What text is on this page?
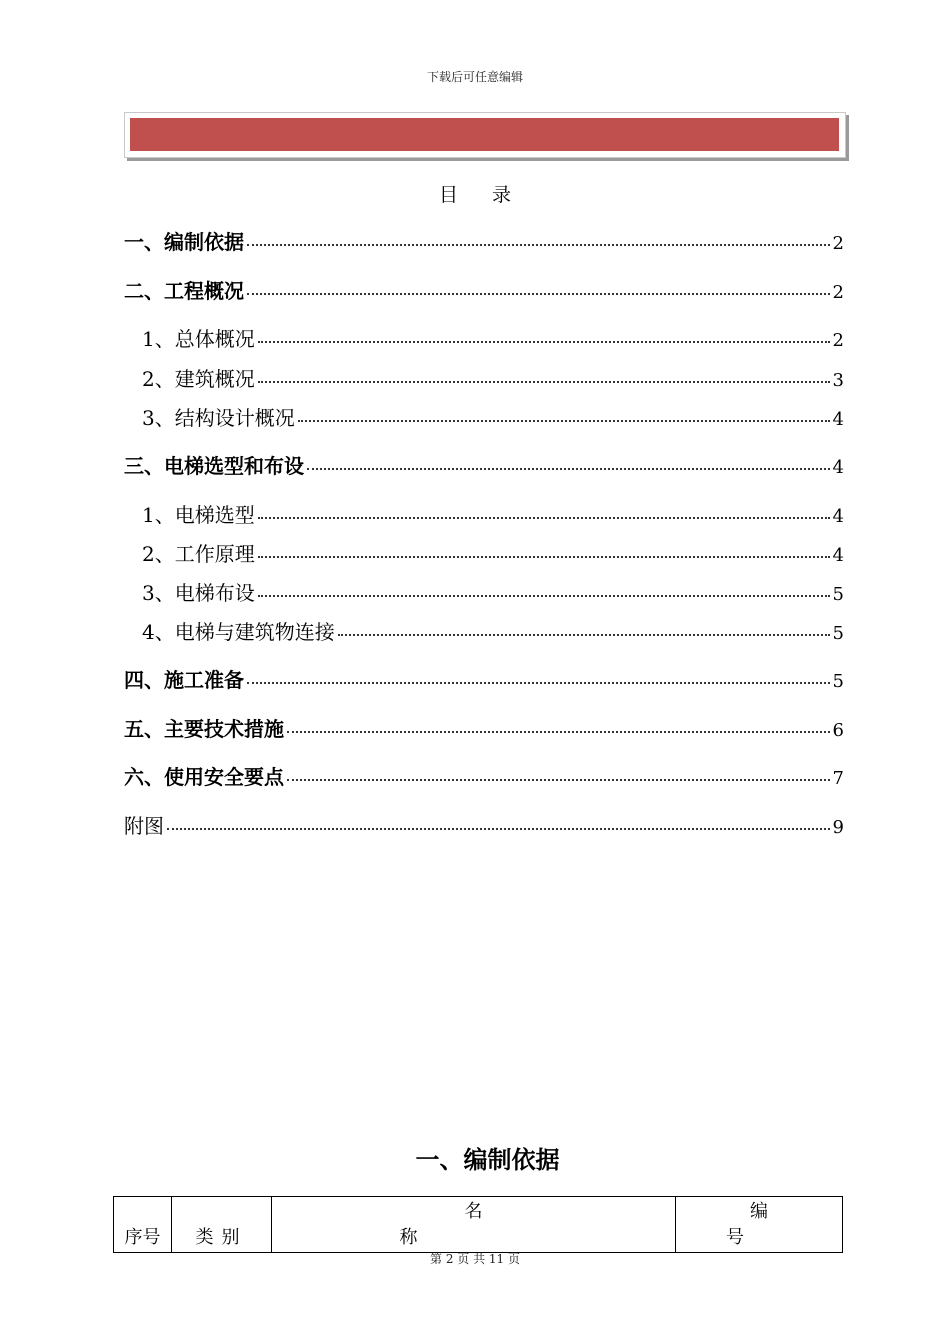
下载后可任意编辑
目录
一、编制依据	2
二、工程概况	2
1、总体概况	2
2、建筑概况	3
3、结构设计概况	4
三、电梯选型和布设	4
1、电梯选型	4
2、工作原理	4
3、电梯布设	5
4、电梯与建筑物连接	5
四、施工准备	5
五、主要技术措施	6
六、使用安全要点	7
附图	9
一、编制依据
序号	类别	名称	编号
第 2 页 共 11 页
